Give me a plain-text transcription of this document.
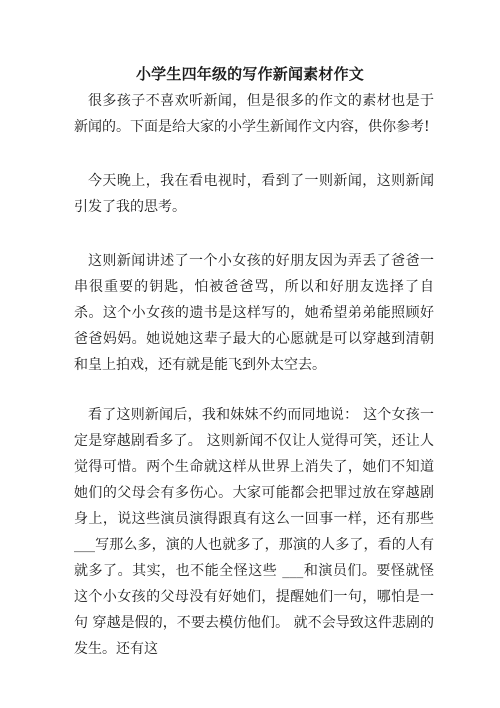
小学生四年级的写作新闻素材作文

很多孩子不喜欢听新闻，但是很多的作文的素材也是于新闻的。下面是给大家的小学生新闻作文内容，供你参考!

今天晚上，我在看电视时，看到了一则新闻，这则新闻引发了我的思考。

这则新闻讲述了一个小女孩的好朋友因为弄丢了爸爸一串很重要的钥匙，怕被爸爸骂，所以和好朋友选择了自杀。这个小女孩的遗书是这样写的，她希望弟弟能照顾好爸爸妈妈。她说她这辈子最大的心愿就是可以穿越到清朝和皇上拍戏，还有就是能飞到外太空去。

看了这则新闻后，我和妹妹不约而同地说： 这个女孩一定是穿越剧看多了。 这则新闻不仅让人觉得可笑，还让人觉得可惜。两个生命就这样从世界上消失了，她们不知道她们的父母会有多伤心。大家可能都会把罪过放在穿越剧身上，说这些演员演得跟真有这么一回事一样，还有那些 ___写那么多，演的人也就多了，那演的人多了，看的人有就多了。其实，也不能全怪这些 ___和演员们。要怪就怪这个小女孩的父母没有好她们，提醒她们一句，哪怕是一句 穿越是假的，不要去模仿他们。 就不会导致这件悲剧的发生。还有这
